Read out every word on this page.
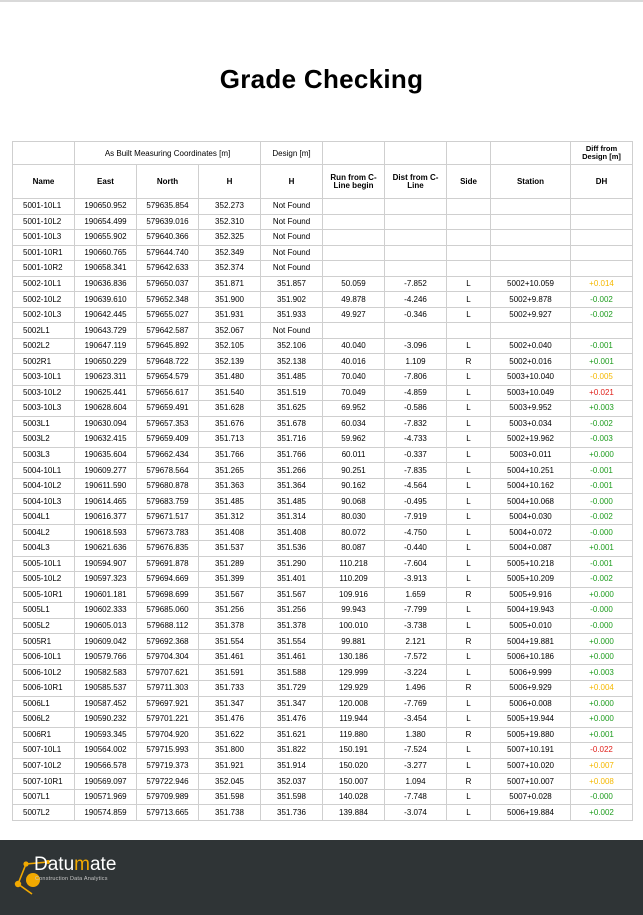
Grade Checking
	As Built Measuring Coordinates [m]			Design [m]					Diff from Design [m]
Name	East	North	H	H	Run from C-Line begin	Dist from C-Line	Side	Station	DH
5001-10L1	190650.952	579635.854	352.273	Not Found					
5001-10L2	190654.499	579639.016	352.310	Not Found					
5001-10L3	190655.902	579640.366	352.325	Not Found					
5001-10R1	190660.765	579644.740	352.349	Not Found					
5001-10R2	190658.341	579642.633	352.374	Not Found					
5002-10L1	190636.836	579650.037	351.871	351.857	50.059	-7.852	L	5002+10.059	+0.014
5002-10L2	190639.610	579652.348	351.900	351.902	49.878	-4.246	L	5002+9.878	-0.002
5002-10L3	190642.445	579655.027	351.931	351.933	49.927	-0.346	L	5002+9.927	-0.002
5002L1	190643.729	579642.587	352.067	Not Found					
5002L2	190647.119	579645.892	352.105	352.106	40.040	-3.096	L	5002+0.040	-0.001
5002R1	190650.229	579648.722	352.139	352.138	40.016	1.109	R	5002+0.016	+0.001
5003-10L1	190623.311	579654.579	351.480	351.485	70.040	-7.806	L	5003+10.040	-0.005
5003-10L2	190625.441	579656.617	351.540	351.519	70.049	-4.859	L	5003+10.049	+0.021
5003-10L3	190628.604	579659.491	351.628	351.625	69.952	-0.586	L	5003+9.952	+0.003
5003L1	190630.094	579657.353	351.676	351.678	60.034	-7.832	L	5003+0.034	-0.002
5003L2	190632.415	579659.409	351.713	351.716	59.962	-4.733	L	5002+19.962	-0.003
5003L3	190635.604	579662.434	351.766	351.766	60.011	-0.337	L	5003+0.011	+0.000
5004-10L1	190609.277	579678.564	351.265	351.266	90.251	-7.835	L	5004+10.251	-0.001
5004-10L2	190611.590	579680.878	351.363	351.364	90.162	-4.564	L	5004+10.162	-0.001
5004-10L3	190614.465	579683.759	351.485	351.485	90.068	-0.495	L	5004+10.068	-0.000
5004L1	190616.377	579671.517	351.312	351.314	80.030	-7.919	L	5004+0.030	-0.002
5004L2	190618.593	579673.783	351.408	351.408	80.072	-4.750	L	5004+0.072	-0.000
5004L3	190621.636	579676.835	351.537	351.536	80.087	-0.440	L	5004+0.087	+0.001
5005-10L1	190594.907	579691.878	351.289	351.290	110.218	-7.604	L	5005+10.218	-0.001
5005-10L2	190597.323	579694.669	351.399	351.401	110.209	-3.913	L	5005+10.209	-0.002
5005-10R1	190601.181	579698.699	351.567	351.567	109.916	1.659	R	5005+9.916	+0.000
5005L1	190602.333	579685.060	351.256	351.256	99.943	-7.799	L	5004+19.943	-0.000
5005L2	190605.013	579688.112	351.378	351.378	100.010	-3.738	L	5005+0.010	-0.000
5005R1	190609.042	579692.368	351.554	351.554	99.881	2.121	R	5004+19.881	+0.000
5006-10L1	190579.766	579704.304	351.461	351.461	130.186	-7.572	L	5006+10.186	+0.000
5006-10L2	190582.583	579707.621	351.591	351.588	129.999	-3.224	L	5006+9.999	+0.003
5006-10R1	190585.537	579711.303	351.733	351.729	129.929	1.496	R	5006+9.929	+0.004
5006L1	190587.452	579697.921	351.347	351.347	120.008	-7.769	L	5006+0.008	+0.000
5006L2	190590.232	579701.221	351.476	351.476	119.944	-3.454	L	5005+19.944	+0.000
5006R1	190593.345	579704.920	351.622	351.621	119.880	1.380	R	5005+19.880	+0.001
5007-10L1	190564.002	579715.993	351.800	351.822	150.191	-7.524	L	5007+10.191	-0.022
5007-10L2	190566.578	579719.373	351.921	351.914	150.020	-3.277	L	5007+10.020	+0.007
5007-10R1	190569.097	579722.946	352.045	352.037	150.007	1.094	R	5007+10.007	+0.008
5007L1	190571.969	579709.989	351.598	351.598	140.028	-7.748	L	5007+0.028	-0.000
5007L2	190574.859	579713.665	351.738	351.736	139.884	-3.074	L	5006+19.884	+0.002
Datumate
Construction Data Analytics
